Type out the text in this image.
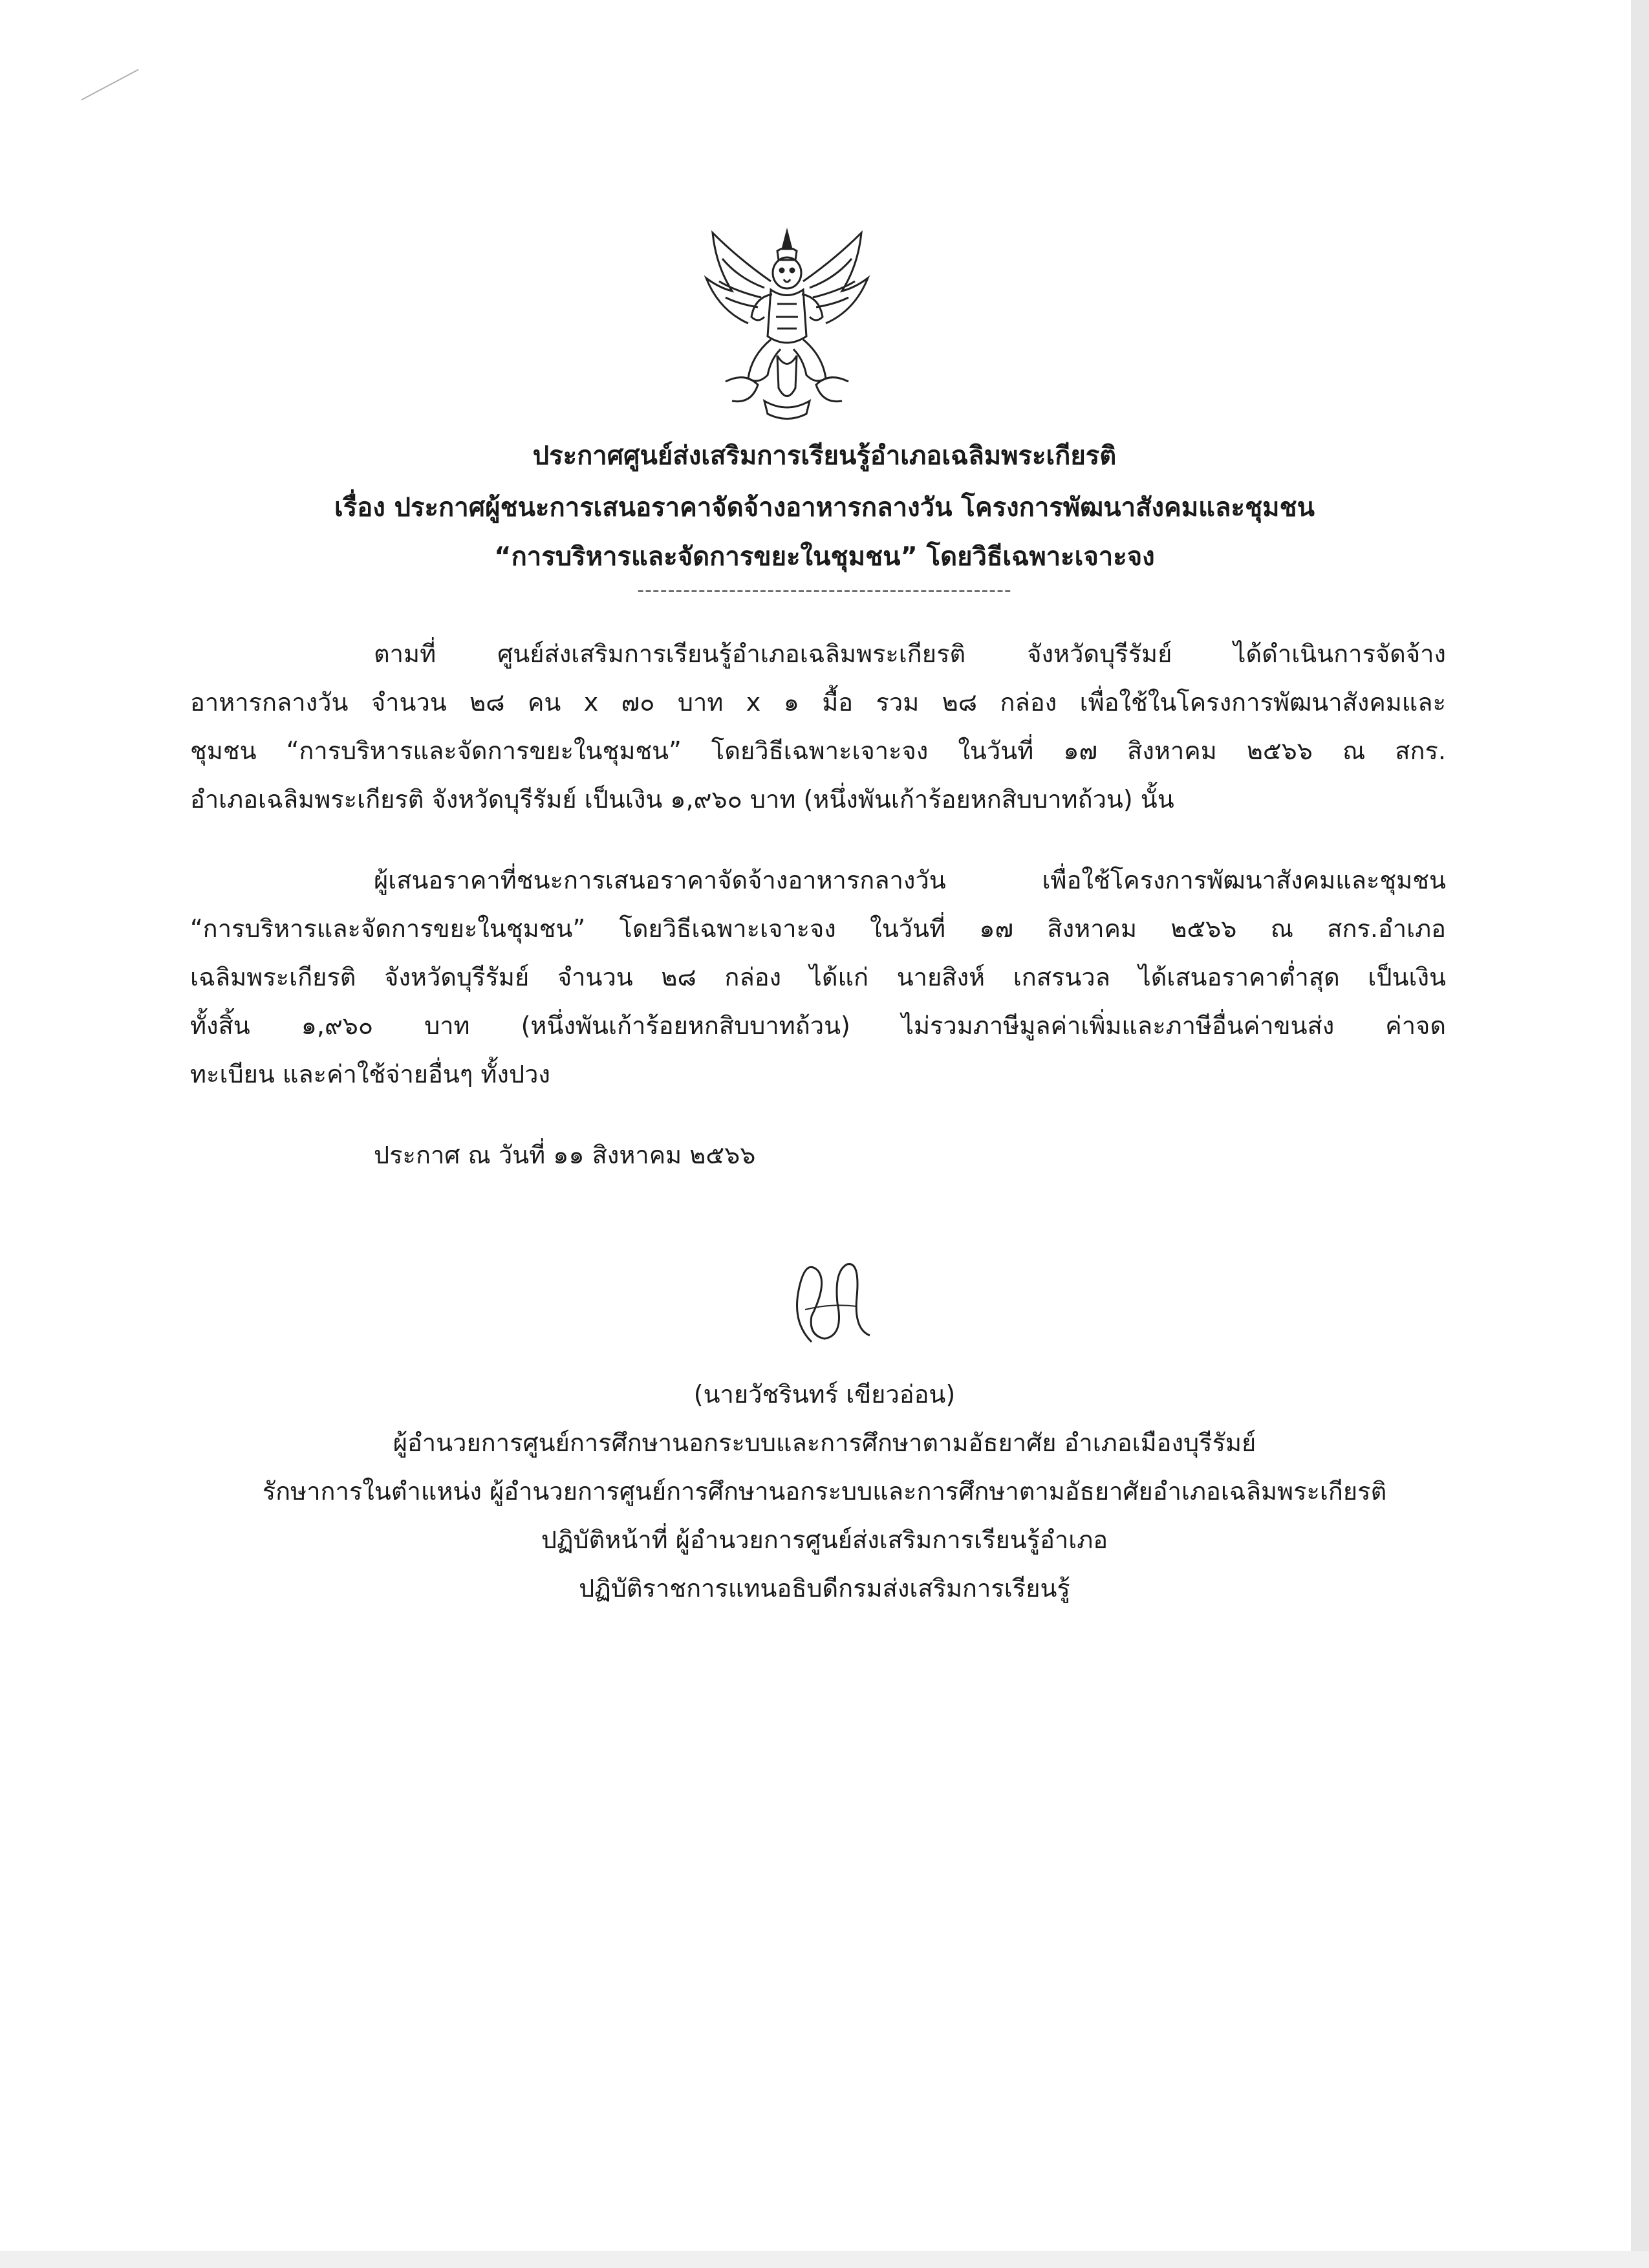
ประกาศศูนย์ส่งเสริมการเรียนรู้อำเภอเฉลิมพระเกียรติ
เรื่อง ประกาศผู้ชนะการเสนอราคาจัดจ้างอาหารกลางวัน โครงการพัฒนาสังคมและชุมชน
“การบริหารและจัดการขยะในชุมชน” โดยวิธีเฉพาะเจาะจง
-------------------------------------------------
ตามที่ ศูนย์ส่งเสริมการเรียนรู้อำเภอเฉลิมพระเกียรติ จังหวัดบุรีรัมย์ ได้ดำเนินการจัดจ้าง
อาหารกลางวัน จำนวน ๒๘ คน x ๗๐ บาท x ๑ มื้อ รวม ๒๘ กล่อง เพื่อใช้ในโครงการพัฒนาสังคมและ
ชุมชน “การบริหารและจัดการขยะในชุมชน” โดยวิธีเฉพาะเจาะจง ในวันที่ ๑๗ สิงหาคม ๒๕๖๖ ณ สกร.
อำเภอเฉลิมพระเกียรติ จังหวัดบุรีรัมย์ เป็นเงิน ๑,๙๖๐ บาท (หนึ่งพันเก้าร้อยหกสิบบาทถ้วน) นั้น
ผู้เสนอราคาที่ชนะการเสนอราคาจัดจ้างอาหารกลางวัน เพื่อใช้โครงการพัฒนาสังคมและชุมชน
“การบริหารและจัดการขยะในชุมชน” โดยวิธีเฉพาะเจาะจง ในวันที่ ๑๗ สิงหาคม ๒๕๖๖ ณ สกร.อำเภอ
เฉลิมพระเกียรติ จังหวัดบุรีรัมย์ จำนวน ๒๘ กล่อง ได้แก่ นายสิงห์ เกสรนวล ได้เสนอราคาต่ำสุด เป็นเงิน
ทั้งสิ้น ๑,๙๖๐ บาท (หนึ่งพันเก้าร้อยหกสิบบาทถ้วน) ไม่รวมภาษีมูลค่าเพิ่มและภาษีอื่นค่าขนส่ง ค่าจด
ทะเบียน และค่าใช้จ่ายอื่นๆ ทั้งปวง
ประกาศ ณ วันที่ ๑๑ สิงหาคม ๒๕๖๖
(นายวัชรินทร์ เขียวอ่อน)
ผู้อำนวยการศูนย์การศึกษานอกระบบและการศึกษาตามอัธยาศัย อำเภอเมืองบุรีรัมย์
รักษาการในตำแหน่ง ผู้อำนวยการศูนย์การศึกษานอกระบบและการศึกษาตามอัธยาศัยอำเภอเฉลิมพระเกียรติ
ปฏิบัติหน้าที่ ผู้อำนวยการศูนย์ส่งเสริมการเรียนรู้อำเภอ
ปฏิบัติราชการแทนอธิบดีกรมส่งเสริมการเรียนรู้
